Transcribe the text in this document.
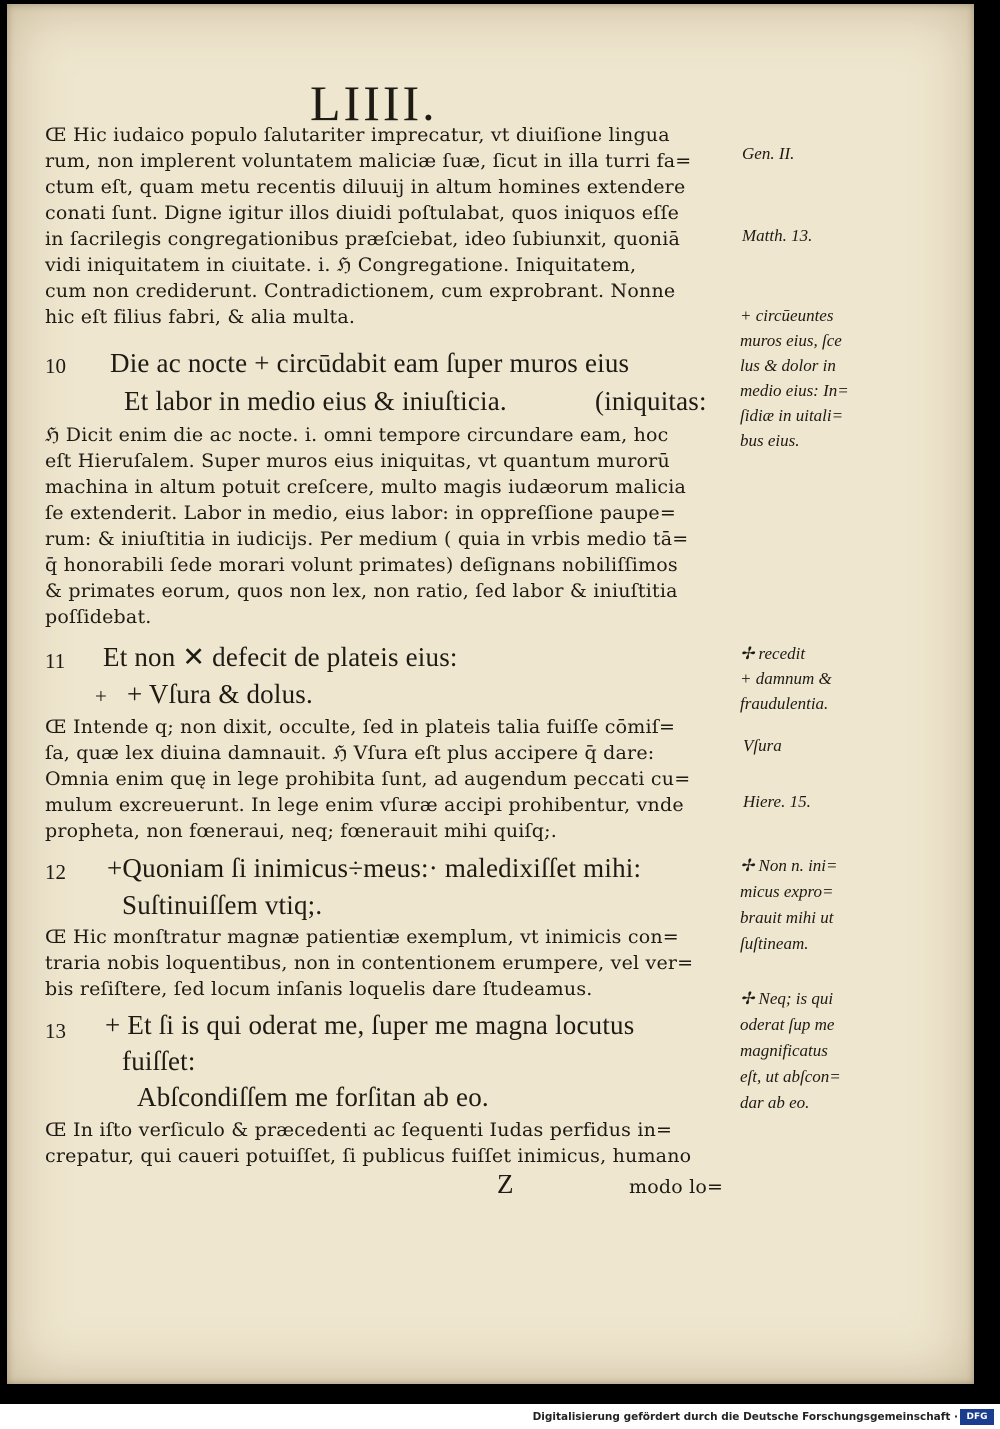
LIIII.
Œ Hic iudaico populo ſalutariter imprecatur, vt diuiſione lingua
rum, non implerent voluntatem maliciæ ſuæ, ſicut in illa turri fa=
ctum eſt, quam metu recentis diluuij in altum homines extendere
conati ſunt. Digne igitur illos diuidi poſtulabat, quos iniquos eſſe
in ſacrilegis congregationibus præſciebat, ideo ſubiunxit, quoniā
vidi iniquitatem in ciuitate. i. ℌ Congregatione. Iniquitatem,
cum non crediderunt. Contradictionem, cum exprobrant. Nonne
hic eſt filius fabri, & alia multa.
10 Die ac nocte + circūdabit eam ſuper muros eius
Et labor in medio eius & iniuſticia.	(iniquitas:
ℌ Dicit enim die ac nocte. i. omni tempore circundare eam, hoc
eſt Hieruſalem. Super muros eius iniquitas, vt quantum murorū
machina in altum potuit creſcere, multo magis iudæorum malicia
ſe extenderit. Labor in medio, eius labor: in oppreſſione paupe=
rum: & iniuſtitia in iudicijs. Per medium ( quia in vrbis medio tā=
q̄ honorabili ſede morari volunt primates) deſignans nobiliſſimos
& primates eorum, quos non lex, non ratio, ſed labor & iniuſtitia
poſſidebat.
11 Et non ✕ defecit de plateis eius:
+ + Vſura & dolus.
Œ Intende q; non dixit, occulte, ſed in plateis talia fuiſſe cōmiſ=
ſa, quæ lex diuina damnauit. ℌ Vſura eſt plus accipere q̄ dare:
Omnia enim quę in lege prohibita ſunt, ad augendum peccati cu=
mulum excreuerunt. In lege enim vſuræ accipi prohibentur, vnde
propheta, non fœneraui, neq; fœnerauit mihi quiſq;.
12 +Quoniam ſi inimicus÷meus:· maledixiſſet mihi:
Suſtinuiſſem vtiq;.
Œ Hic monſtratur magnæ patientiæ exemplum, vt inimicis con=
traria nobis loquentibus, non in contentionem erumpere, vel ver=
bis reſiſtere, ſed locum inſanis loquelis dare ſtudeamus.
13 + Et ſi is qui oderat me, ſuper me magna locutus
fuiſſet:
Abſcondiſſem me forſitan ab eo.
Œ In iſto verſiculo & præcedenti ac ſequenti Iudas perfidus in=
crepatur, qui caueri potuiſſet, ſi publicus fuiſſet inimicus, humano
Z	modo lo=
Gen. II.
Matth. 13.
+ circūeuntes
muros eius, ſce
lus & dolor in
medio eius: In=
ſidiæ in uitali=
bus eius.
✢ recedit
+ damnum &
fraudulentia.
Vſura
Hiere. 15.
✢ Non n. ini=
micus expro=
brauit mihi ut
ſuſtineam.
✢ Neq; is qui
oderat ſup me
magnificatus
eſt, ut abſcon=
dar ab eo.
Digitalisierung gefördert durch die Deutsche Forschungsgemeinschaft · DFG
